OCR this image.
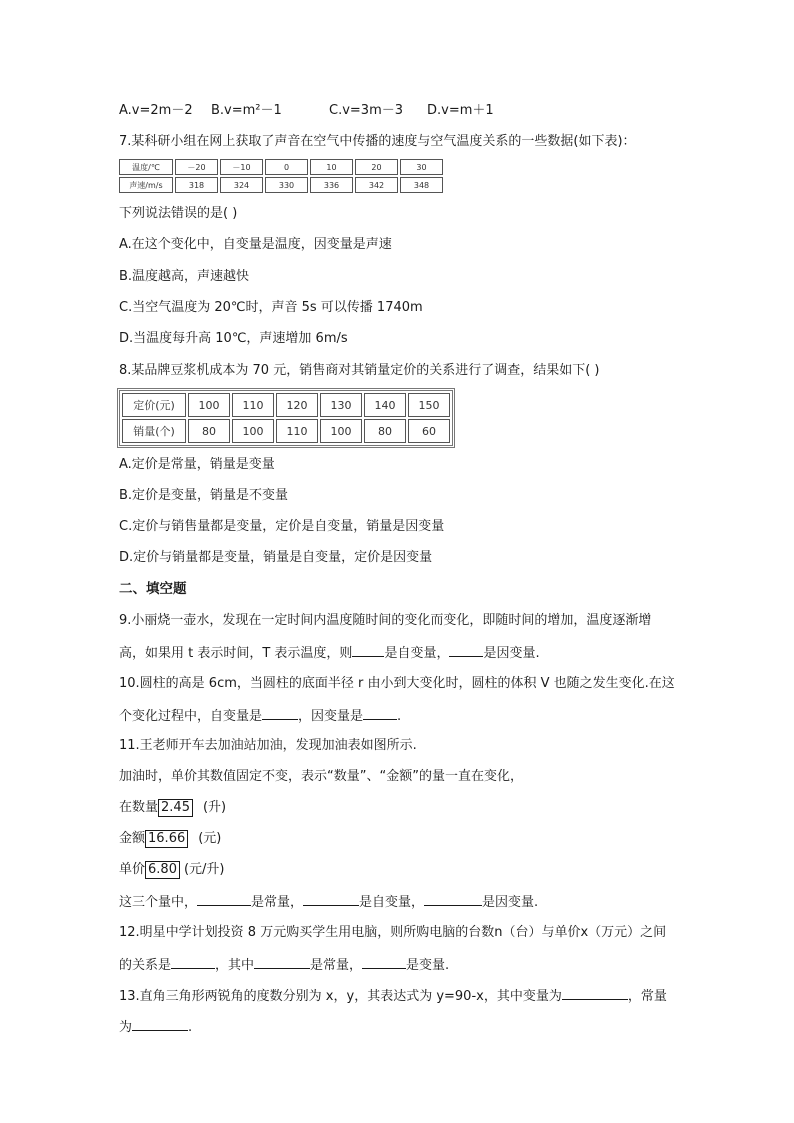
A.v=2m－2 B.v=m²－1	C.v=3m－3 D.v=m＋1
7.某科研小组在网上获取了声音在空气中传播的速度与空气温度关系的一些数据(如下表)：
温度/℃	－20	－10	0	10	20	30
声速/m/s	318	324	330	336	342	348
下列说法错误的是( )
A.在这个变化中，自变量是温度，因变量是声速
B.温度越高，声速越快
C.当空气温度为 20℃时，声音 5s 可以传播 1740m
D.当温度每升高 10℃，声速增加 6m/s
8.某品牌豆浆机成本为 70 元，销售商对其销量定价的关系进行了调查，结果如下( )
定价(元)	100	110	120	130	140	150
销量(个)	80	100	110	100	80	60
A.定价是常量，销量是变量
B.定价是变量，销量是不变量
C.定价与销售量都是变量，定价是自变量，销量是因变量
D.定价与销量都是变量，销量是自变量，定价是因变量
二、填空题
9.小丽烧一壶水，发现在一定时间内温度随时间的变化而变化，即随时间的增加，温度逐渐增
高，如果用 t 表示时间，T 表示温度，则 是自变量，	是因变量.
10.圆柱的高是 6cm，当圆柱的底面半径 r 由小到大变化时，圆柱的体积 V 也随之发生变化.在这
个变化过程中，自变量是	，因变量是	.
11.王老师开车去加油站加油，发现加油表如图所示.
加油时，单价其数值固定不变，表示“数量”、“金额”的量一直在变化，
在数量 2.45 (升)
金额 16.66 (元)
单价 6.80 (元/升)
这三个量中，	是常量，	是自变量，	是因变量.
12.明星中学计划投资 8 万元购买学生用电脑，则所购电脑的台数n（台）与单价x（万元）之间
的关系是	，其中	是常量，	是变量.
13.直角三角形两锐角的度数分别为 x，y，其表达式为 y=90-x，其中变量为	，常量
为	.
